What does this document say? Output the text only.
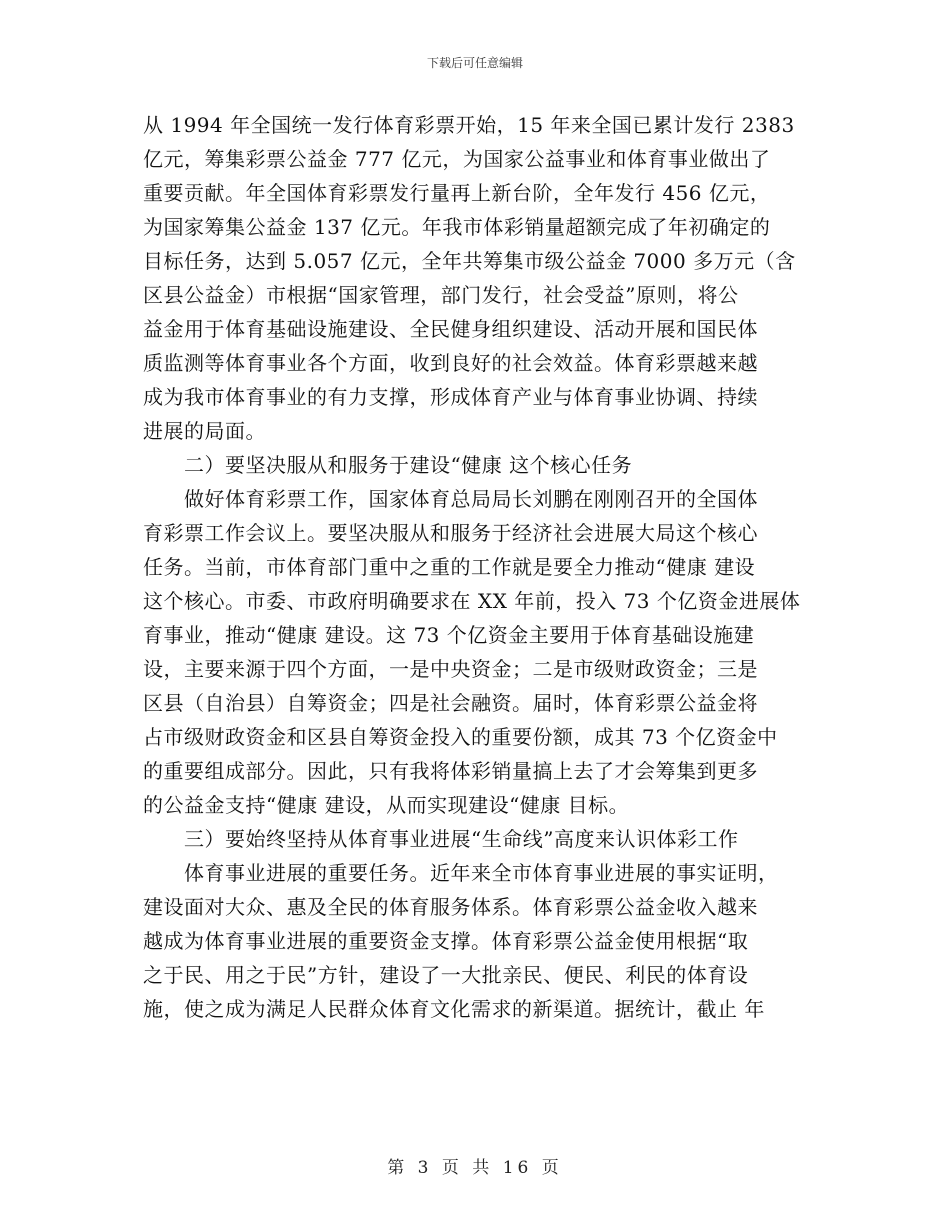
下载后可任意编辑
从 1994 年全国统一发行体育彩票开始，15 年来全国已累计发行 2383
亿元，筹集彩票公益金 777 亿元，为国家公益事业和体育事业做出了
重要贡献。年全国体育彩票发行量再上新台阶，全年发行 456 亿元，
为国家筹集公益金 137 亿元。年我市体彩销量超额完成了年初确定的
目标任务，达到 5.057 亿元，全年共筹集市级公益金 7000 多万元（含
区县公益金）市根据“国家管理，部门发行，社会受益”原则，将公
益金用于体育基础设施建设、全民健身组织建设、活动开展和国民体
质监测等体育事业各个方面，收到良好的社会效益。体育彩票越来越
成为我市体育事业的有力支撑，形成体育产业与体育事业协调、持续
进展的局面。
　　二）要坚决服从和服务于建设“健康 这个核心任务
　　做好体育彩票工作，国家体育总局局长刘鹏在刚刚召开的全国体
育彩票工作会议上。要坚决服从和服务于经济社会进展大局这个核心
任务。当前，市体育部门重中之重的工作就是要全力推动“健康 建设
这个核心。市委、市政府明确要求在 XX 年前，投入 73 个亿资金进展体
育事业，推动“健康 建设。这 73 个亿资金主要用于体育基础设施建
设，主要来源于四个方面，一是中央资金；二是市级财政资金；三是
区县（自治县）自筹资金；四是社会融资。届时，体育彩票公益金将
占市级财政资金和区县自筹资金投入的重要份额，成其 73 个亿资金中
的重要组成部分。因此，只有我将体彩销量搞上去了才会筹集到更多
的公益金支持“健康 建设，从而实现建设“健康 目标。
　　三）要始终坚持从体育事业进展“生命线”高度来认识体彩工作
　　体育事业进展的重要任务。近年来全市体育事业进展的事实证明，
建设面对大众、惠及全民的体育服务体系。体育彩票公益金收入越来
越成为体育事业进展的重要资金支撑。体育彩票公益金使用根据“取
之于民、用之于民”方针，建设了一大批亲民、便民、利民的体育设
施，使之成为满足人民群众体育文化需求的新渠道。据统计，截止 年
第 3 页 共 16 页
